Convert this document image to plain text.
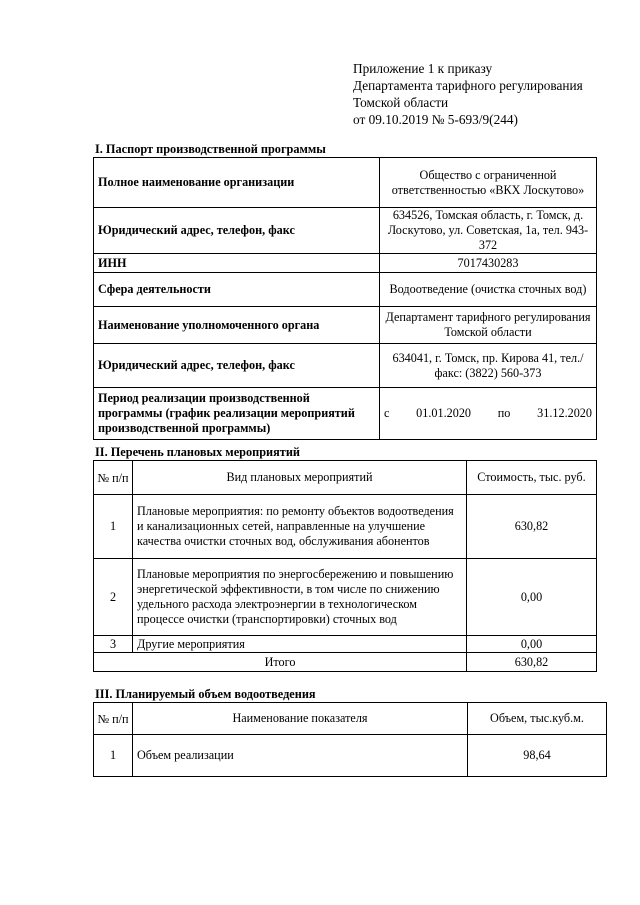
Приложение 1 к приказу
Департамента тарифного регулирования
Томской области
от 09.10.2019 № 5-693/9(244)
I. Паспорт производственной программы
Полное наименование организации	Общество с ограниченной ответственностью «ВКХ Лоскутово»
Юридический адрес, телефон, факс	634526, Томская область, г. Томск, д. Лоскутово, ул. Советская, 1а, тел. 943-372
ИНН	7017430283
Сфера деятельности	Водоотведение (очистка сточных вод)
Наименование уполномоченного органа	Департамент тарифного регулирования Томской области
Юридический адрес, телефон, факс	634041, г. Томск, пр. Кирова 41, тел./факс: (3822) 560-373
Период реализации производственной программы (график реализации мероприятий производственной программы)	с 01.01.2020 по 31.12.2020
II. Перечень плановых мероприятий
№ п/п	Вид плановых мероприятий	Стоимость, тыс. руб.
1	Плановые мероприятия: по ремонту объектов водоотведения и канализационных сетей, направленные на улучшение качества очистки сточных вод, обслуживания абонентов	630,82
2	Плановые мероприятия по энергосбережению и повышению энергетической эффективности, в том числе по снижению удельного расхода электроэнергии в технологическом процессе очистки (транспортировки) сточных вод	0,00
3	Другие мероприятия	0,00
Итого		630,82
III. Планируемый объем водоотведения
№ п/п	Наименование показателя	Объем, тыс.куб.м.
1	Объем реализации	98,64
